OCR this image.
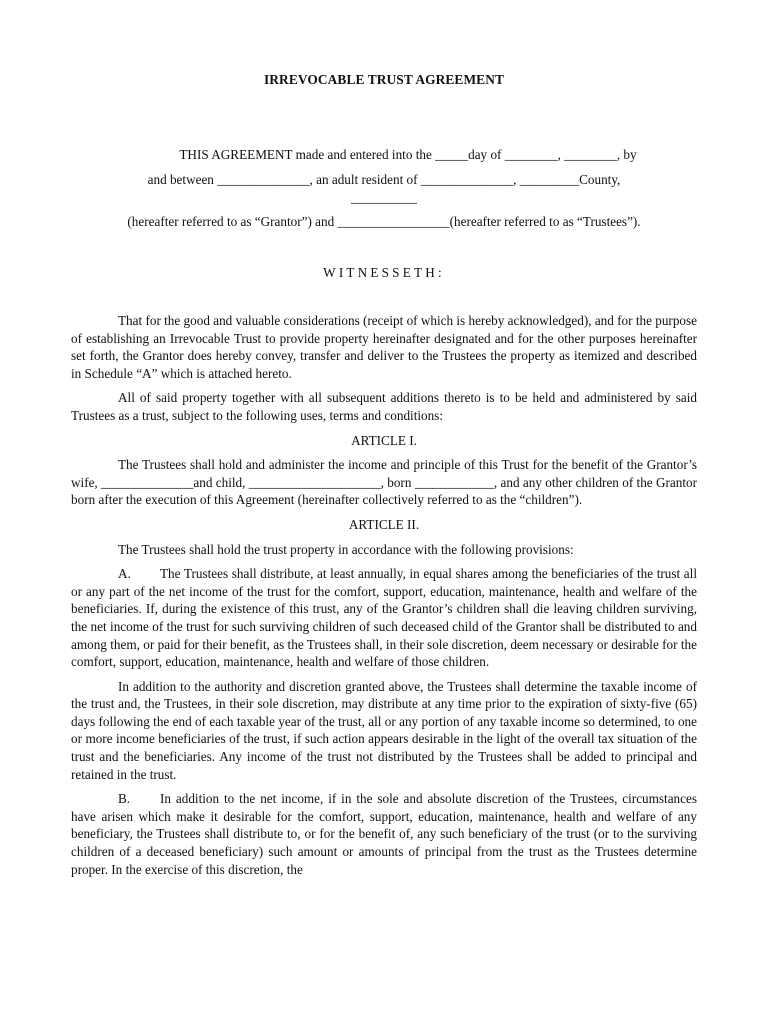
IRREVOCABLE TRUST AGREEMENT
THIS AGREEMENT made and entered into the _____day of ________, ________, by
and between ______________, an adult resident of ______________, _________County,
__________
(hereafter referred to as “Grantor”) and _________________(hereafter referred to as “Trustees”).
WITNESSETH:

That for the good and valuable considerations (receipt of which is hereby acknowledged), and for the purpose of establishing an Irrevocable Trust to provide property hereinafter designated and for the other purposes hereinafter set forth, the Grantor does hereby convey, transfer and deliver to the Trustees the property as itemized and described in Schedule “A” which is attached hereto.

All of said property together with all subsequent additions thereto is to be held and administered by said Trustees as a trust, subject to the following uses, terms and conditions:

ARTICLE I.

The Trustees shall hold and administer the income and principle of this Trust for the benefit of the Grantor’s wife, ______________and child, ____________________, born ____________, and any other children of the Grantor born after the execution of this Agreement (hereinafter collectively referred to as the “children”).

ARTICLE II.

The Trustees shall hold the trust property in accordance with the following provisions:

A. The Trustees shall distribute, at least annually, in equal shares among the beneficiaries of the trust all or any part of the net income of the trust for the comfort, support, education, maintenance, health and welfare of the beneficiaries. If, during the existence of this trust, any of the Grantor’s children shall die leaving children surviving, the net income of the trust for such surviving children of such deceased child of the Grantor shall be distributed to and among them, or paid for their benefit, as the Trustees shall, in their sole discretion, deem necessary or desirable for the comfort, support, education, maintenance, health and welfare of those children.

In addition to the authority and discretion granted above, the Trustees shall determine the taxable income of the trust and, the Trustees, in their sole discretion, may distribute at any time prior to the expiration of sixty-five (65) days following the end of each taxable year of the trust, all or any portion of any taxable income so determined, to one or more income beneficiaries of the trust, if such action appears desirable in the light of the overall tax situation of the trust and the beneficiaries. Any income of the trust not distributed by the Trustees shall be added to principal and retained in the trust.

B. In addition to the net income, if in the sole and absolute discretion of the Trustees, circumstances have arisen which make it desirable for the comfort, support, education, maintenance, health and welfare of any beneficiary, the Trustees shall distribute to, or for the benefit of, any such beneficiary of the trust (or to the surviving children of a deceased beneficiary) such amount or amounts of principal from the trust as the Trustees determine proper. In the exercise of this discretion, the
